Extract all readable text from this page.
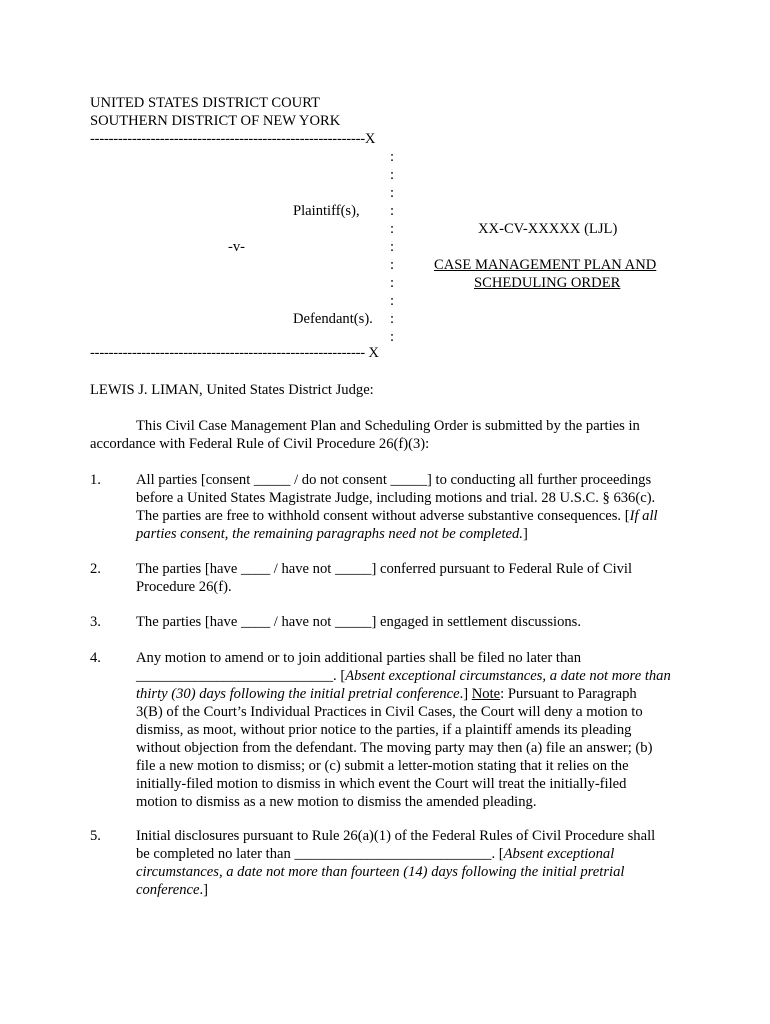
UNITED STATES DISTRICT COURT
SOUTHERN DISTRICT OF NEW YORK
-----------------------------------------------------------X
:
:
:
:
:
:
:
:
:
:
:
Plaintiff(s),
-v-
Defendant(s).
XX-CV-XXXXX (LJL)
CASE MANAGEMENT PLAN AND
SCHEDULING ORDER
----------------------------------------------------------- X
LEWIS J. LIMAN, United States District Judge:
This Civil Case Management Plan and Scheduling Order is submitted by the parties in
accordance with Federal Rule of Civil Procedure 26(f)(3):
1. All parties [consent _____ / do not consent _____] to conducting all further proceedings
before a United States Magistrate Judge, including motions and trial. 28 U.S.C. § 636(c).
The parties are free to withhold consent without adverse substantive consequences. [If all
parties consent, the remaining paragraphs need not be completed.]
2. The parties [have ____ / have not _____] conferred pursuant to Federal Rule of Civil
Procedure 26(f).
3. The parties [have ____ / have not _____] engaged in settlement discussions.
4. Any motion to amend or to join additional parties shall be filed no later than
___________________________. [Absent exceptional circumstances, a date not more than
thirty (30) days following the initial pretrial conference.] Note: Pursuant to Paragraph
3(B) of the Court’s Individual Practices in Civil Cases, the Court will deny a motion to
dismiss, as moot, without prior notice to the parties, if a plaintiff amends its pleading
without objection from the defendant. The moving party may then (a) file an answer; (b)
file a new motion to dismiss; or (c) submit a letter-motion stating that it relies on the
initially-filed motion to dismiss in which event the Court will treat the initially-filed
motion to dismiss as a new motion to dismiss the amended pleading.
5. Initial disclosures pursuant to Rule 26(a)(1) of the Federal Rules of Civil Procedure shall
be completed no later than ___________________________. [Absent exceptional
circumstances, a date not more than fourteen (14) days following the initial pretrial
conference.]
